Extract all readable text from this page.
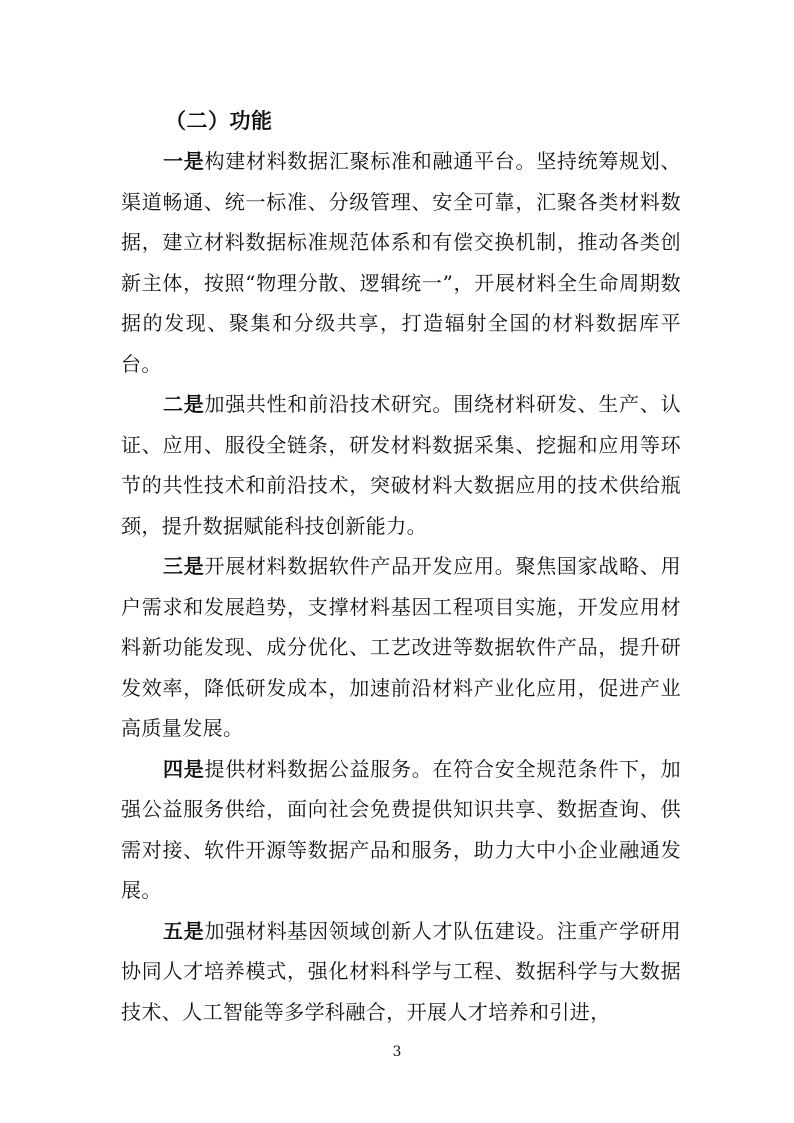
（二）功能

一是构建材料数据汇聚标准和融通平台。坚持统筹规划、渠道畅通、统一标准、分级管理、安全可靠，汇聚各类材料数据，建立材料数据标准规范体系和有偿交换机制，推动各类创新主体，按照“物理分散、逻辑统一”，开展材料全生命周期数据的发现、聚集和分级共享，打造辐射全国的材料数据库平台。

二是加强共性和前沿技术研究。围绕材料研发、生产、认证、应用、服役全链条，研发材料数据采集、挖掘和应用等环节的共性技术和前沿技术，突破材料大数据应用的技术供给瓶颈，提升数据赋能科技创新能力。

三是开展材料数据软件产品开发应用。聚焦国家战略、用户需求和发展趋势，支撑材料基因工程项目实施，开发应用材料新功能发现、成分优化、工艺改进等数据软件产品，提升研发效率，降低研发成本，加速前沿材料产业化应用，促进产业高质量发展。

四是提供材料数据公益服务。在符合安全规范条件下，加强公益服务供给，面向社会免费提供知识共享、数据查询、供需对接、软件开源等数据产品和服务，助力大中小企业融通发展。

五是加强材料基因领域创新人才队伍建设。注重产学研用协同人才培养模式，强化材料科学与工程、数据科学与大数据技术、人工智能等多学科融合，开展人才培养和引进，

3
